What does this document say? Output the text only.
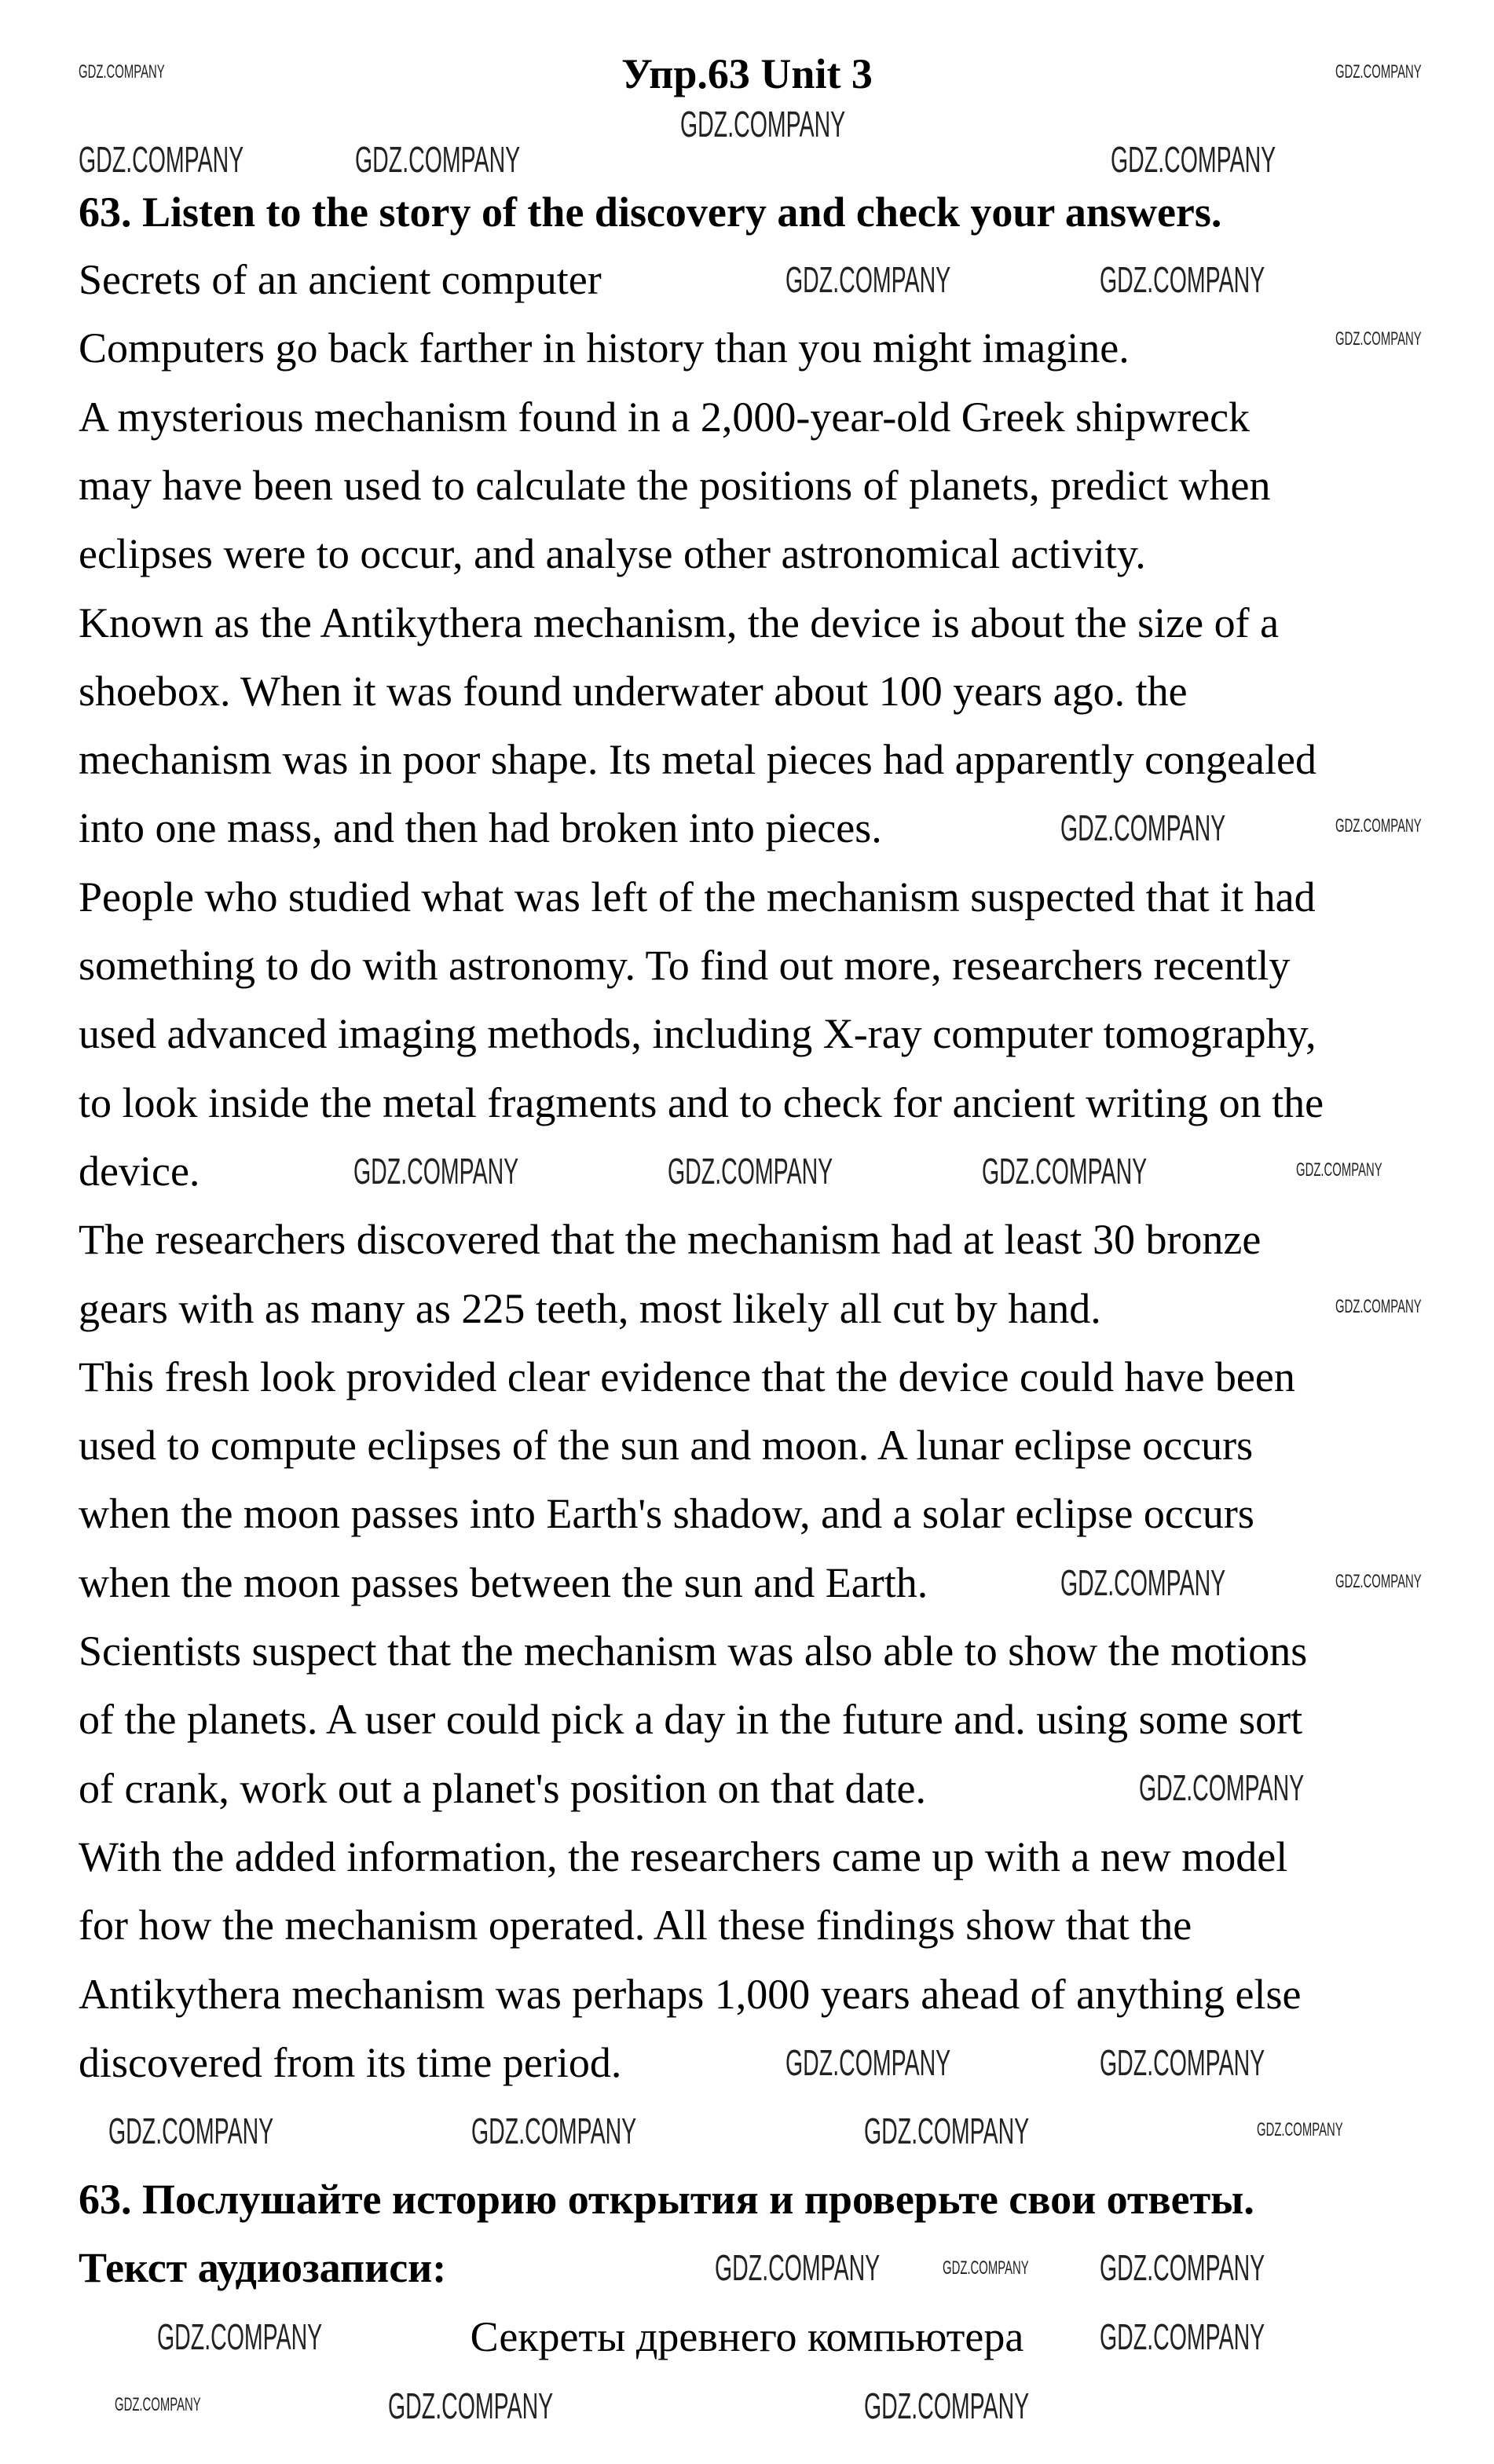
Упр.63 Unit 3
63. Listen to the story of the discovery and check your answers.
Secrets of an ancient computer
Computers go back farther in history than you might imagine.
A mysterious mechanism found in a 2,000-year-old Greek shipwreck
may have been used to calculate the positions of planets, predict when
eclipses were to occur, and analyse other astronomical activity.
Known as the Antikythera mechanism, the device is about the size of a
shoebox. When it was found underwater about 100 years ago. the
mechanism was in poor shape. Its metal pieces had apparently congealed
into one mass, and then had broken into pieces.
People who studied what was left of the mechanism suspected that it had
something to do with astronomy. To find out more, researchers recently
used advanced imaging methods, including X-ray computer tomography,
to look inside the metal fragments and to check for ancient writing on the
device.
The researchers discovered that the mechanism had at least 30 bronze
gears with as many as 225 teeth, most likely all cut by hand.
This fresh look provided clear evidence that the device could have been
used to compute eclipses of the sun and moon. A lunar eclipse occurs
when the moon passes into Earth's shadow, and a solar eclipse occurs
when the moon passes between the sun and Earth.
Scientists suspect that the mechanism was also able to show the motions
of the planets. A user could pick a day in the future and. using some sort
of crank, work out a planet's position on that date.
With the added information, the researchers came up with a new model
for how the mechanism operated. All these findings show that the
Antikythera mechanism was perhaps 1,000 years ahead of anything else
discovered from its time period.
63. Послушайте историю открытия и проверьте свои ответы.
Текст аудиозаписи:
Секреты древнего компьютера
GDZ.COMPANY	GDZ.COMPANY
GDZ.COMPANY
GDZ.COMPANY	GDZ.COMPANY	GDZ.COMPANY
GDZ.COMPANY	GDZ.COMPANY
GDZ.COMPANY
GDZ.COMPANY	GDZ.COMPANY
GDZ.COMPANY	GDZ.COMPANY	GDZ.COMPANY	GDZ.COMPANY
GDZ.COMPANY
GDZ.COMPANY	GDZ.COMPANY
GDZ.COMPANY
GDZ.COMPANY	GDZ.COMPANY
GDZ.COMPANY	GDZ.COMPANY	GDZ.COMPANY	GDZ.COMPANY
GDZ.COMPANY	GDZ.COMPANY GDZ.COMPANY
GDZ.COMPANY	GDZ.COMPANY
GDZ.COMPANY	GDZ.COMPANY	GDZ.COMPANY
